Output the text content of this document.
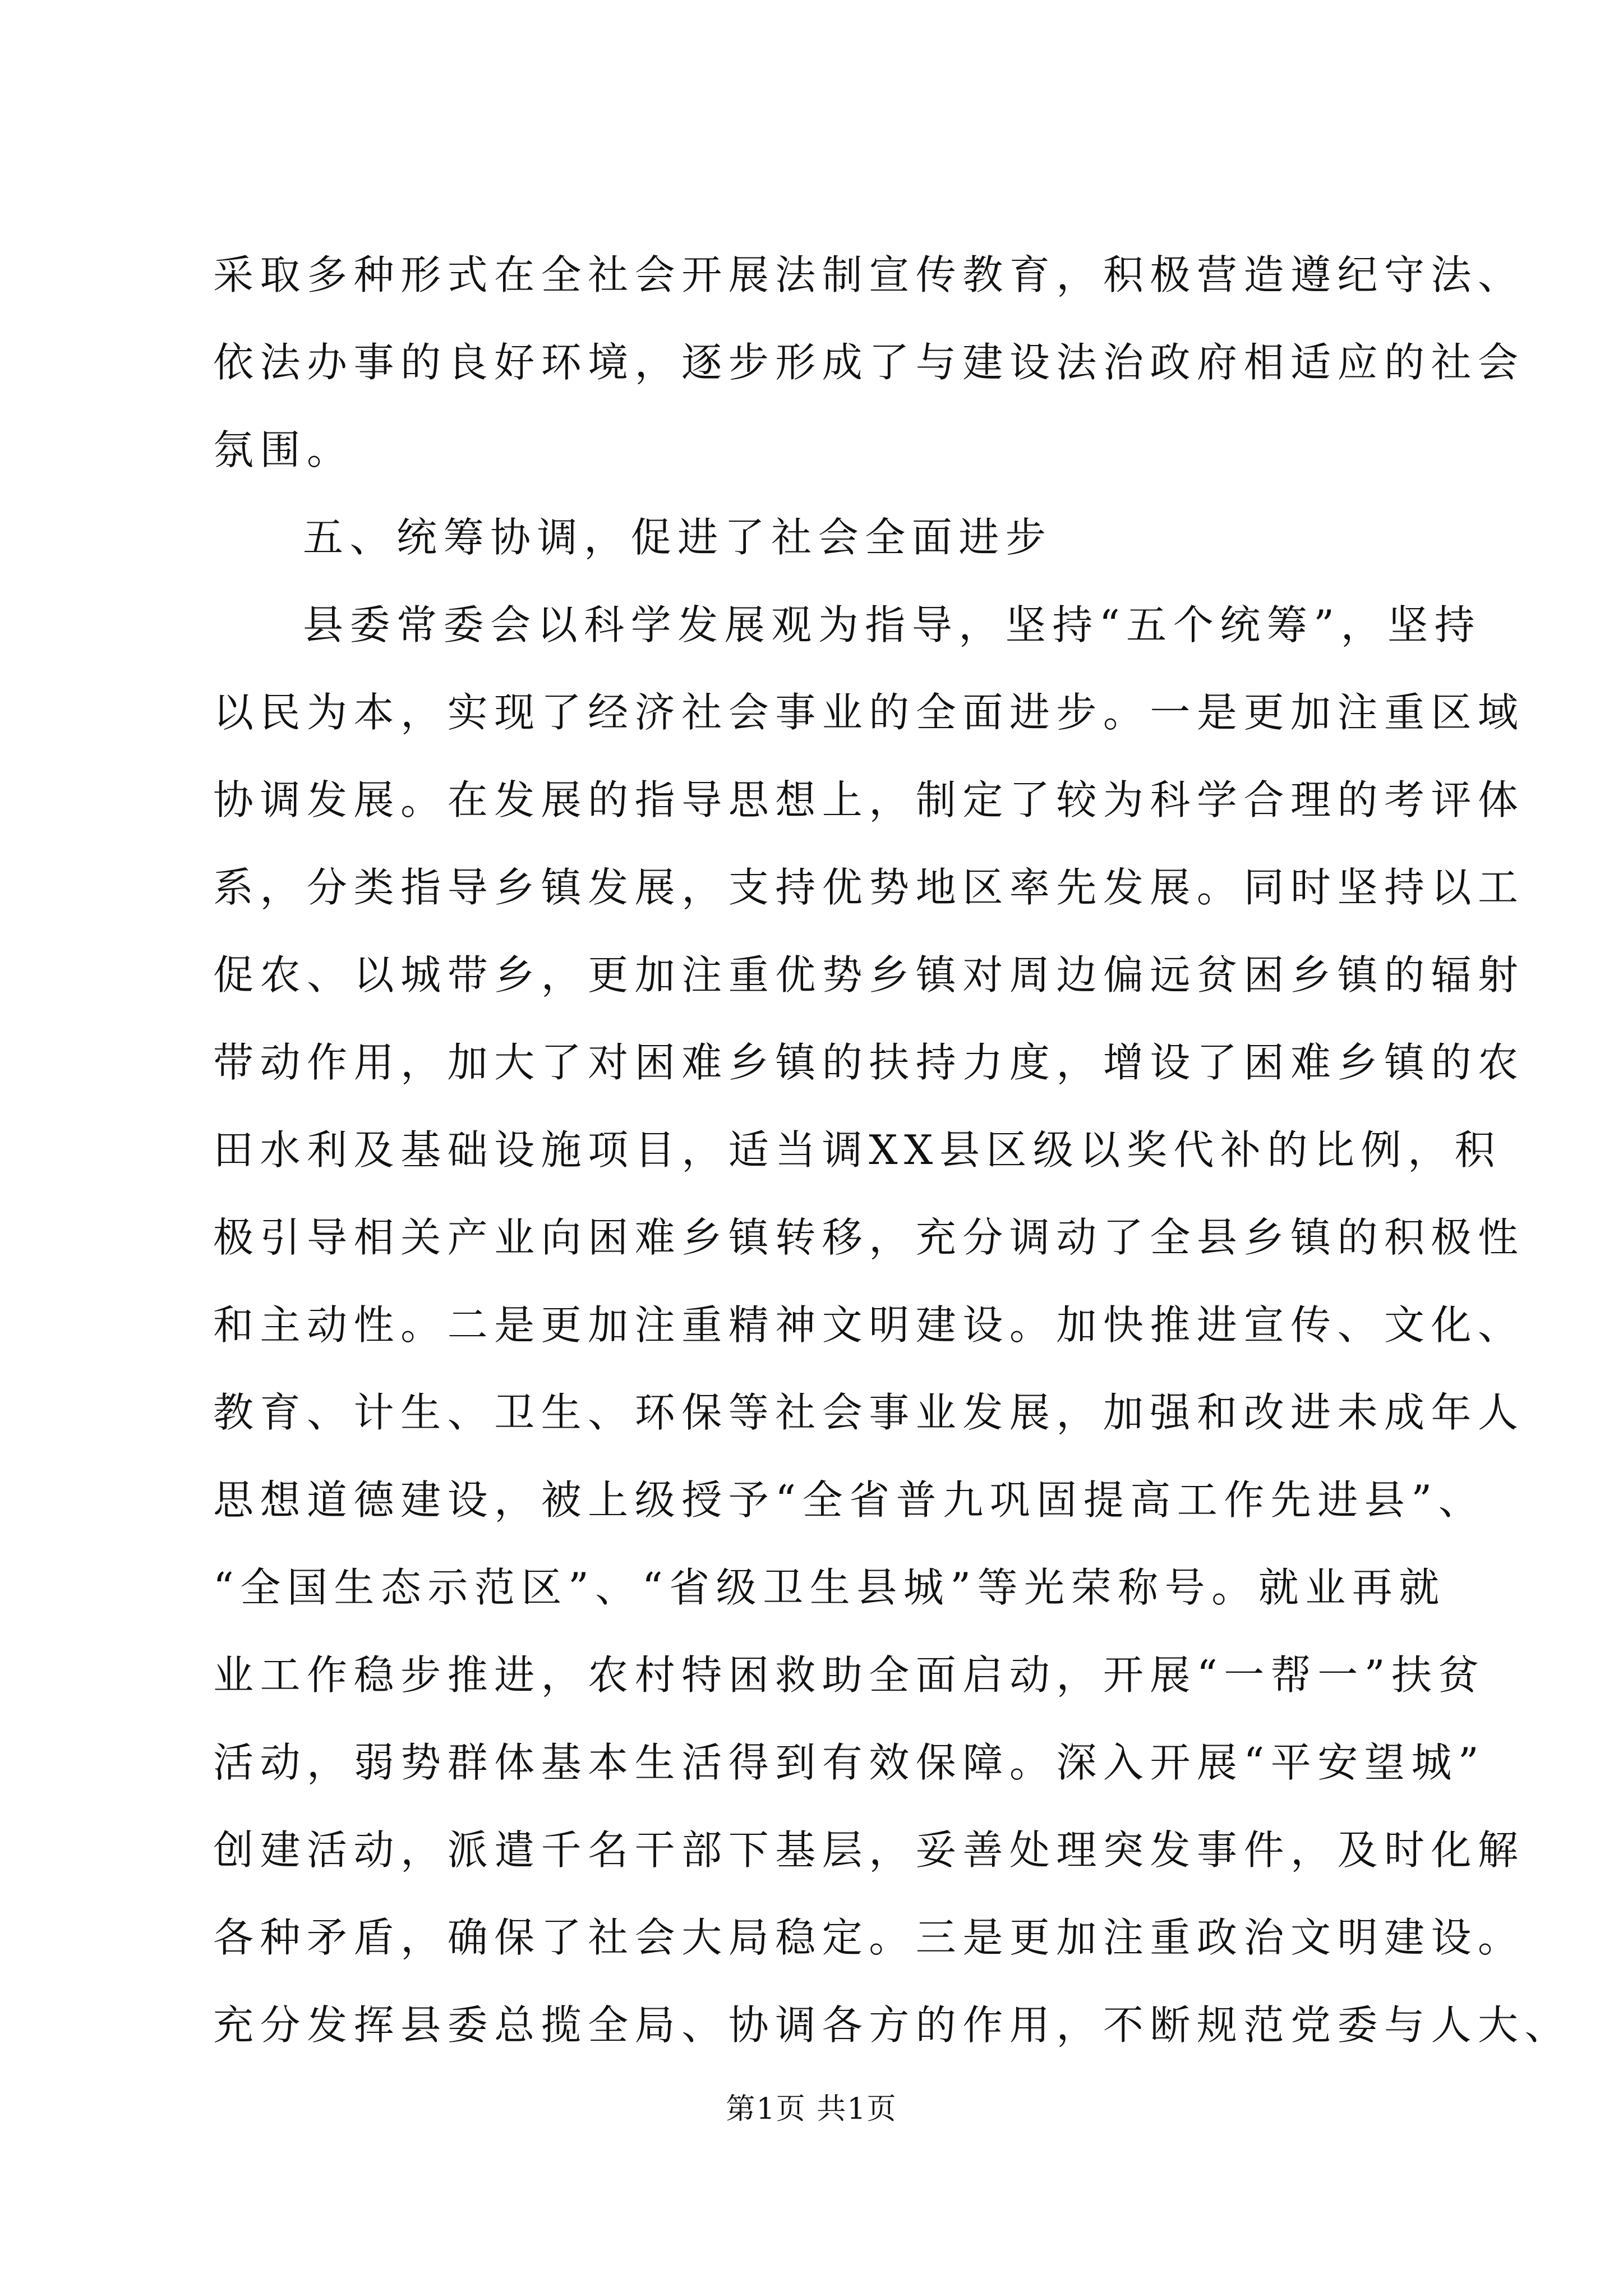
采取多种形式在全社会开展法制宣传教育，积极营造遵纪守法、
依法办事的良好环境，逐步形成了与建设法治政府相适应的社会
氛围。
五、统筹协调，促进了社会全面进步
县委常委会以科学发展观为指导，坚持“五个统筹”，坚持
以民为本，实现了经济社会事业的全面进步。一是更加注重区域
协调发展。在发展的指导思想上，制定了较为科学合理的考评体
系，分类指导乡镇发展，支持优势地区率先发展。同时坚持以工
促农、以城带乡，更加注重优势乡镇对周边偏远贫困乡镇的辐射
带动作用，加大了对困难乡镇的扶持力度，增设了困难乡镇的农
田水利及基础设施项目，适当调XX县区级以奖代补的比例，积
极引导相关产业向困难乡镇转移，充分调动了全县乡镇的积极性
和主动性。二是更加注重精神文明建设。加快推进宣传、文化、
教育、计生、卫生、环保等社会事业发展，加强和改进未成年人
思想道德建设，被上级授予“全省普九巩固提高工作先进县”、
“全国生态示范区”、“省级卫生县城”等光荣称号。就业再就
业工作稳步推进，农村特困救助全面启动，开展“一帮一”扶贫
活动，弱势群体基本生活得到有效保障。深入开展“平安望城”
创建活动，派遣千名干部下基层，妥善处理突发事件，及时化解
各种矛盾，确保了社会大局稳定。三是更加注重政治文明建设。
充分发挥县委总揽全局、协调各方的作用，不断规范党委与人大、
第1页 共1页
